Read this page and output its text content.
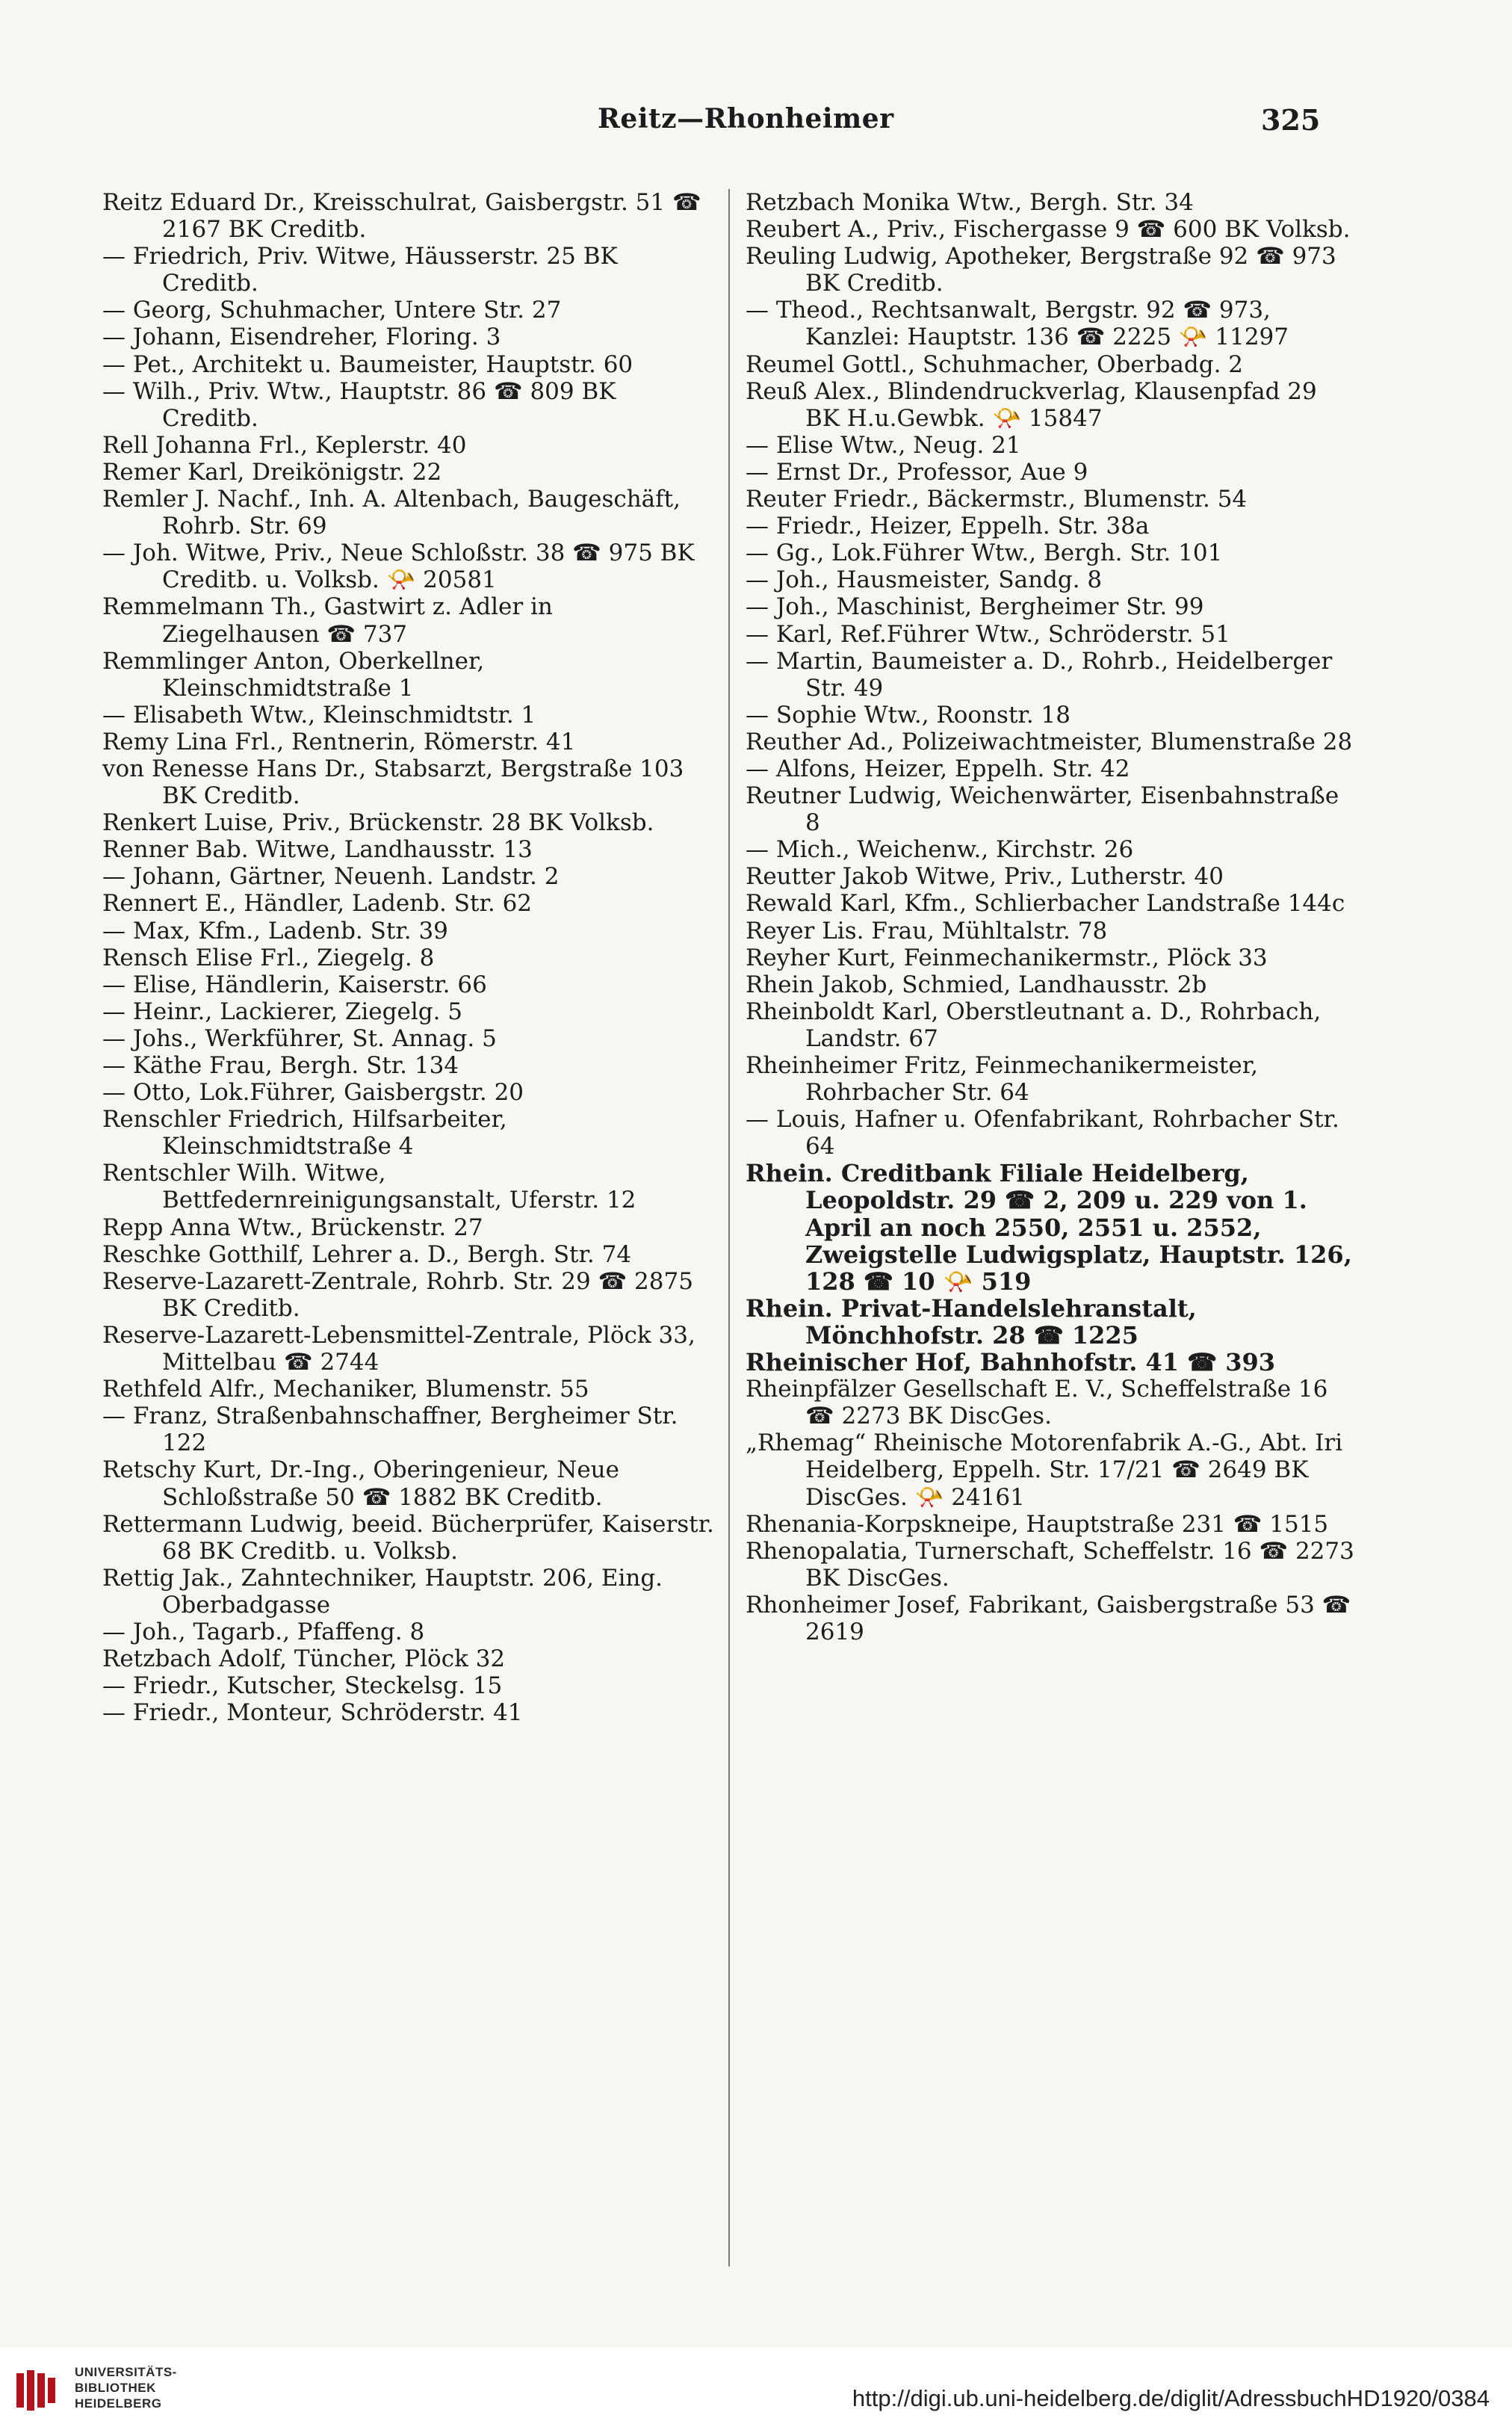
Reitz—Rhonheimer	325

Reitz Eduard Dr., Kreisschulrat, Gaisbergstr. 51 ☎ 2167 BK Creditb.

— Friedrich, Priv. Witwe, Häusserstr. 25 BK Creditb.

— Georg, Schuhmacher, Untere Str. 27

— Johann, Eisendreher, Floring. 3

— Pet., Architekt u. Baumeister, Hauptstr. 60

— Wilh., Priv. Wtw., Hauptstr. 86 ☎ 809 BK Creditb.

Rell Johanna Frl., Keplerstr. 40

Remer Karl, Dreikönigstr. 22

Remler J. Nachf., Inh. A. Altenbach, Baugeschäft, Rohrb. Str. 69

— Joh. Witwe, Priv., Neue Schloßstr. 38 ☎ 975 BK Creditb. u. Volksb. 📯 20581

Remmelmann Th., Gastwirt z. Adler in Ziegelhausen ☎ 737

Remmlinger Anton, Oberkellner, Kleinschmidtstraße 1

— Elisabeth Wtw., Kleinschmidtstr. 1

Remy Lina Frl., Rentnerin, Römerstr. 41

von Renesse Hans Dr., Stabsarzt, Bergstraße 103 BK Creditb.

Renkert Luise, Priv., Brückenstr. 28 BK Volksb.

Renner Bab. Witwe, Landhausstr. 13

— Johann, Gärtner, Neuenh. Landstr. 2

Rennert E., Händler, Ladenb. Str. 62

— Max, Kfm., Ladenb. Str. 39

Rensch Elise Frl., Ziegelg. 8

— Elise, Händlerin, Kaiserstr. 66

— Heinr., Lackierer, Ziegelg. 5

— Johs., Werkführer, St. Annag. 5

— Käthe Frau, Bergh. Str. 134

— Otto, Lok.Führer, Gaisbergstr. 20

Renschler Friedrich, Hilfsarbeiter, Kleinschmidtstraße 4

Rentschler Wilh. Witwe, Bettfedernreinigungsanstalt, Uferstr. 12

Repp Anna Wtw., Brückenstr. 27

Reschke Gotthilf, Lehrer a. D., Bergh. Str. 74

Reserve-Lazarett-Zentrale, Rohrb. Str. 29 ☎ 2875 BK Creditb.

Reserve-Lazarett-Lebensmittel-Zentrale, Plöck 33, Mittelbau ☎ 2744

Rethfeld Alfr., Mechaniker, Blumenstr. 55

— Franz, Straßenbahnschaffner, Bergheimer Str. 122

Retschy Kurt, Dr.-Ing., Oberingenieur, Neue Schloßstraße 50 ☎ 1882 BK Creditb.

Rettermann Ludwig, beeid. Bücherprüfer, Kaiserstr. 68 BK Creditb. u. Volksb.

Rettig Jak., Zahntechniker, Hauptstr. 206, Eing. Oberbadgasse

— Joh., Tagarb., Pfaffeng. 8

Retzbach Adolf, Tüncher, Plöck 32

— Friedr., Kutscher, Steckelsg. 15

— Friedr., Monteur, Schröderstr. 41

Retzbach Monika Wtw., Bergh. Str. 34

Reubert A., Priv., Fischergasse 9 ☎ 600 BK Volksb.

Reuling Ludwig, Apotheker, Bergstraße 92 ☎ 973 BK Creditb.

— Theod., Rechtsanwalt, Bergstr. 92 ☎ 973, Kanzlei: Hauptstr. 136 ☎ 2225 📯 11297

Reumel Gottl., Schuhmacher, Oberbadg. 2

Reuß Alex., Blindendruckverlag, Klausenpfad 29 BK H.u.Gewbk. 📯 15847

— Elise Wtw., Neug. 21

— Ernst Dr., Professor, Aue 9

Reuter Friedr., Bäckermstr., Blumenstr. 54

— Friedr., Heizer, Eppelh. Str. 38a

— Gg., Lok.Führer Wtw., Bergh. Str. 101

— Joh., Hausmeister, Sandg. 8

— Joh., Maschinist, Bergheimer Str. 99

— Karl, Ref.Führer Wtw., Schröderstr. 51

— Martin, Baumeister a. D., Rohrb., Heidelberger Str. 49

— Sophie Wtw., Roonstr. 18

Reuther Ad., Polizeiwachtmeister, Blumenstraße 28

— Alfons, Heizer, Eppelh. Str. 42

Reutner Ludwig, Weichenwärter, Eisenbahnstraße 8

— Mich., Weichenw., Kirchstr. 26

Reutter Jakob Witwe, Priv., Lutherstr. 40

Rewald Karl, Kfm., Schlierbacher Landstraße 144c

Reyer Lis. Frau, Mühltalstr. 78

Reyher Kurt, Feinmechanikermstr., Plöck 33

Rhein Jakob, Schmied, Landhausstr. 2b

Rheinboldt Karl, Oberstleutnant a. D., Rohrbach, Landstr. 67

Rheinheimer Fritz, Feinmechanikermeister, Rohrbacher Str. 64

— Louis, Hafner u. Ofenfabrikant, Rohrbacher Str. 64

Rhein. Creditbank Filiale Heidelberg, Leopoldstr. 29 ☎ 2, 209 u. 229 von 1. April an noch 2550, 2551 u. 2552, Zweigstelle Ludwigsplatz, Hauptstr. 126, 128 ☎ 10 📯 519

Rhein. Privat-Handelslehranstalt, Mönchhofstr. 28 ☎ 1225

Rheinischer Hof, Bahnhofstr. 41 ☎ 393

Rheinpfälzer Gesellschaft E. V., Scheffelstraße 16 ☎ 2273 BK DiscGes.

„Rhemag“ Rheinische Motorenfabrik A.-G., Abt. Iri Heidelberg, Eppelh. Str. 17/21 ☎ 2649 BK DiscGes. 📯 24161

Rhenania-Korpskneipe, Hauptstraße 231 ☎ 1515

Rhenopalatia, Turnerschaft, Scheffelstr. 16 ☎ 2273 BK DiscGes.

Rhonheimer Josef, Fabrikant, Gaisbergstraße 53 ☎ 2619

UNIVERSITÄTS-
BIBLIOTHEK
HEIDELBERG	http://digi.ub.uni-heidelberg.de/diglit/AdressbuchHD1920/0384
